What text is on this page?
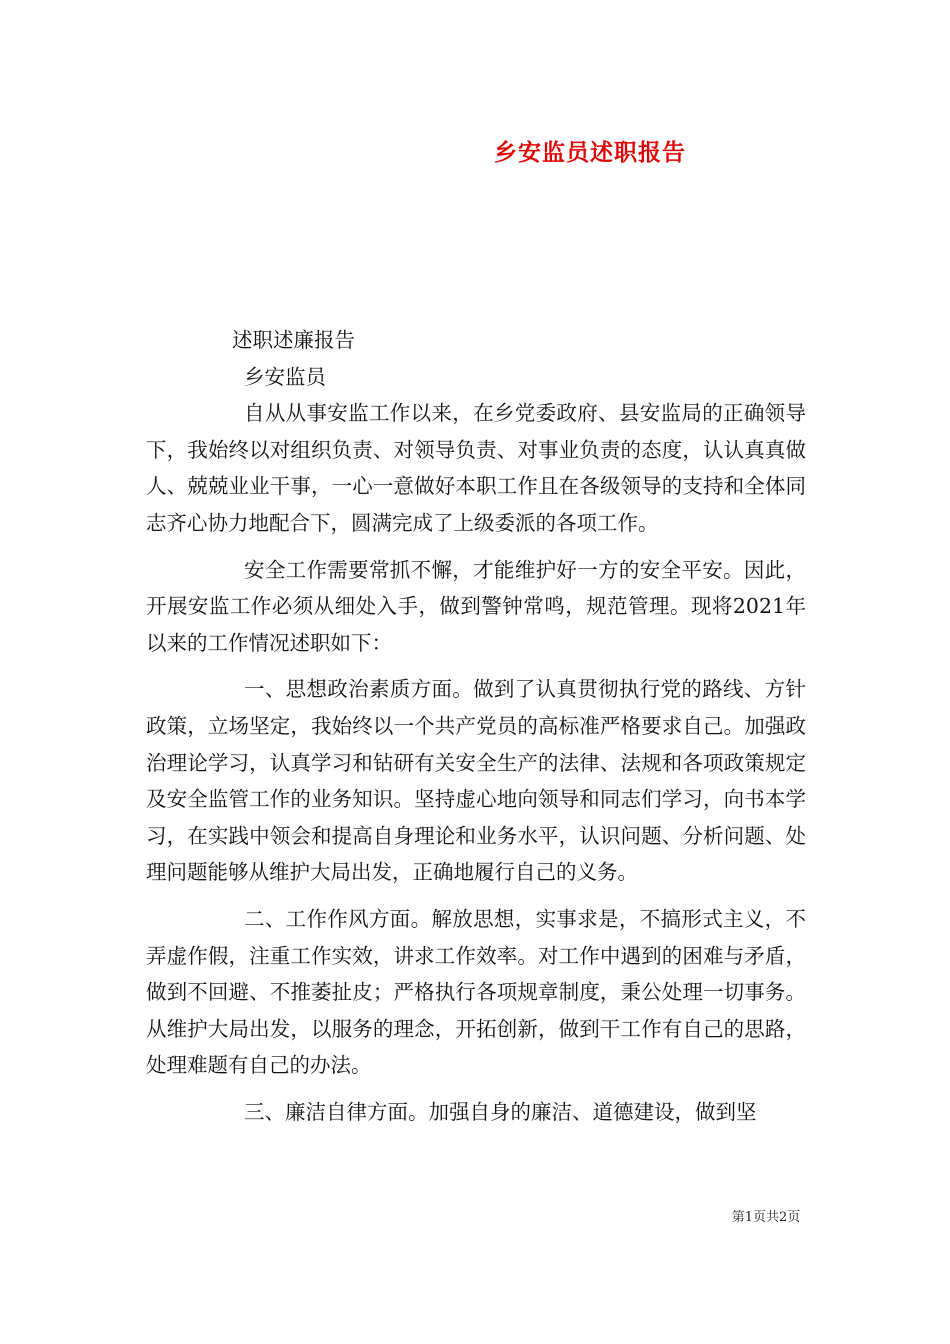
乡安监员述职报告

述职述廉报告

乡安监员

自从从事安监工作以来，在乡党委政府、县安监局的正确领导下，我始终以对组织负责、对领导负责、对事业负责的态度，认认真真做人、兢兢业业干事，一心一意做好本职工作且在各级领导的支持和全体同志齐心协力地配合下，圆满完成了上级委派的各项工作。

安全工作需要常抓不懈，才能维护好一方的安全平安。因此，开展安监工作必须从细处入手，做到警钟常鸣，规范管理。现将2021年以来的工作情况述职如下：

一、思想政治素质方面。做到了认真贯彻执行党的路线、方针政策，立场坚定，我始终以一个共产党员的高标准严格要求自己。加强政治理论学习，认真学习和钻研有关安全生产的法律、法规和各项政策规定及安全监管工作的业务知识。坚持虚心地向领导和同志们学习，向书本学习，在实践中领会和提高自身理论和业务水平，认识问题、分析问题、处理问题能够从维护大局出发，正确地履行自己的义务。

二、工作作风方面。解放思想，实事求是，不搞形式主义，不弄虚作假，注重工作实效，讲求工作效率。对工作中遇到的困难与矛盾，做到不回避、不推萎扯皮；严格执行各项规章制度，秉公处理一切事务。从维护大局出发，以服务的理念，开拓创新，做到干工作有自己的思路，处理难题有自己的办法。

三、廉洁自律方面。加强自身的廉洁、道德建设，做到坚

第1页共2页
